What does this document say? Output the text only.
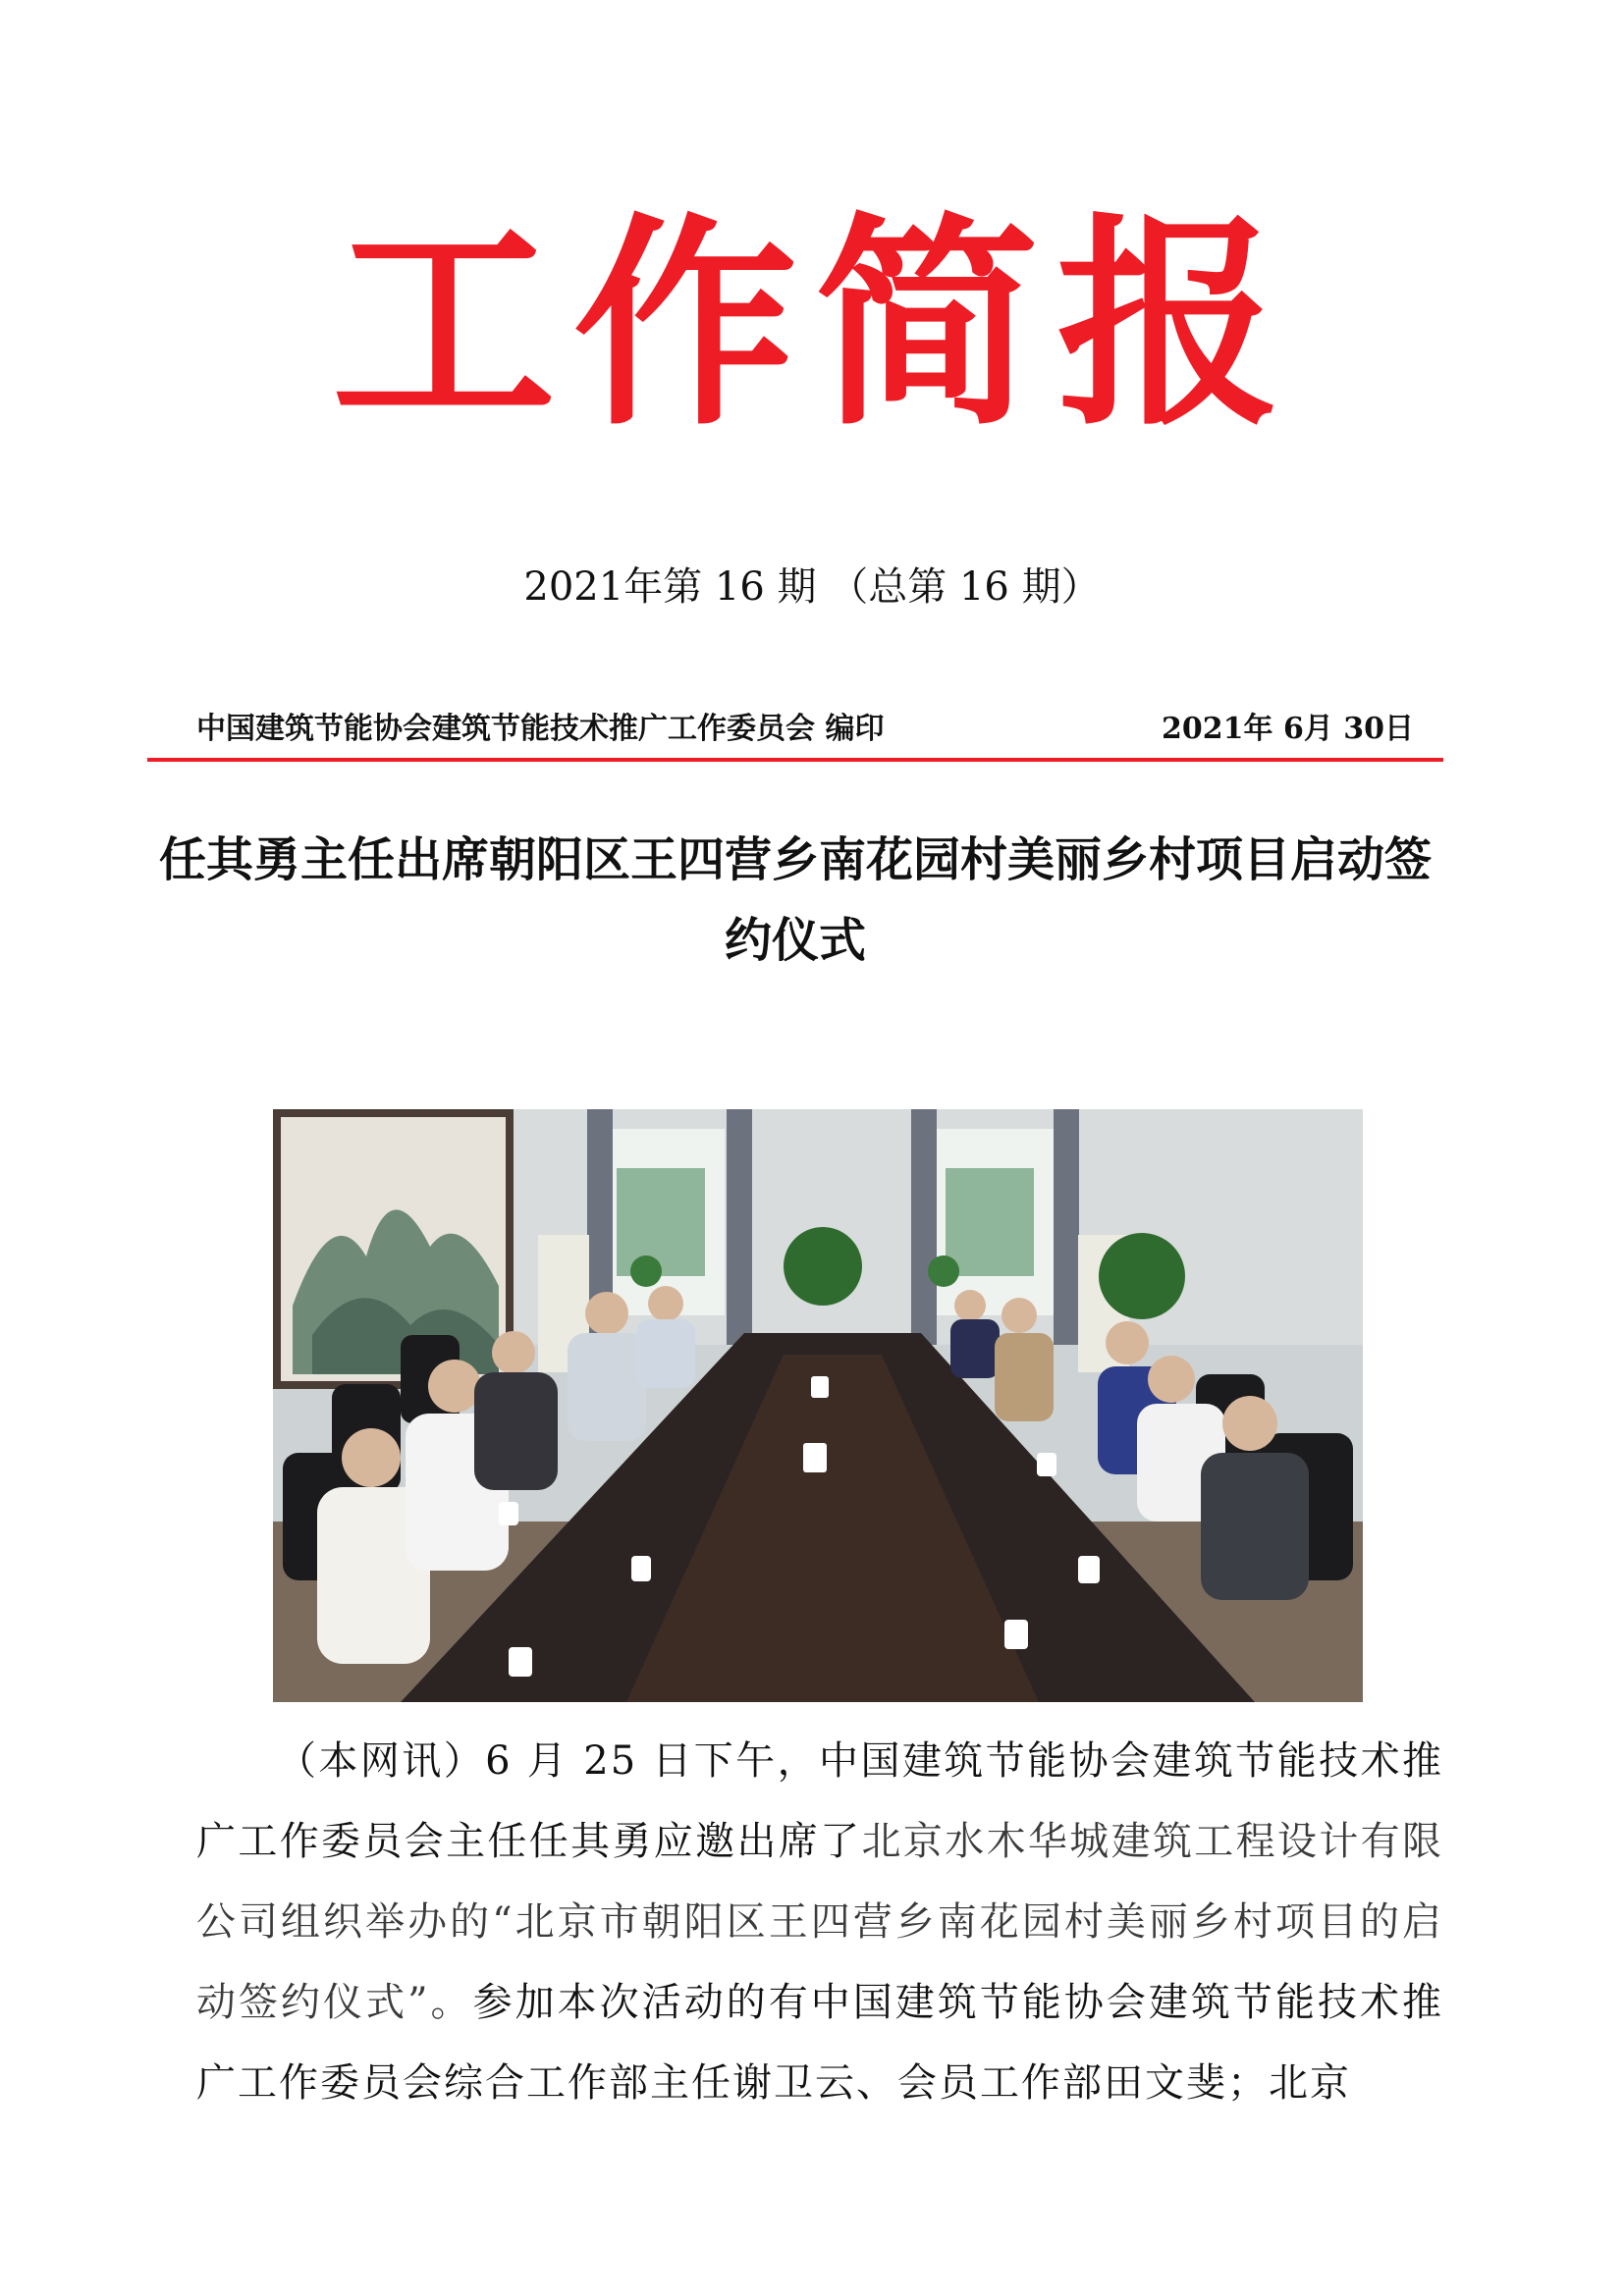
工作简报
2021年第 16 期 （总第 16 期）
中国建筑节能协会建筑节能技术推广工作委员会 编印	2021年 6月 30日
任其勇主任出席朝阳区王四营乡南花园村美丽乡村项目启动签约仪式
（本网讯）6 月 25 日下午，中国建筑节能协会建筑节能技术推广工作委员会主任任其勇应邀出席了北京水木华城建筑工程设计有限公司组织举办的“北京市朝阳区王四营乡南花园村美丽乡村项目的启动签约仪式”。参加本次活动的有中国建筑节能协会建筑节能技术推广工作委员会综合工作部主任谢卫云、会员工作部田文斐；北京
